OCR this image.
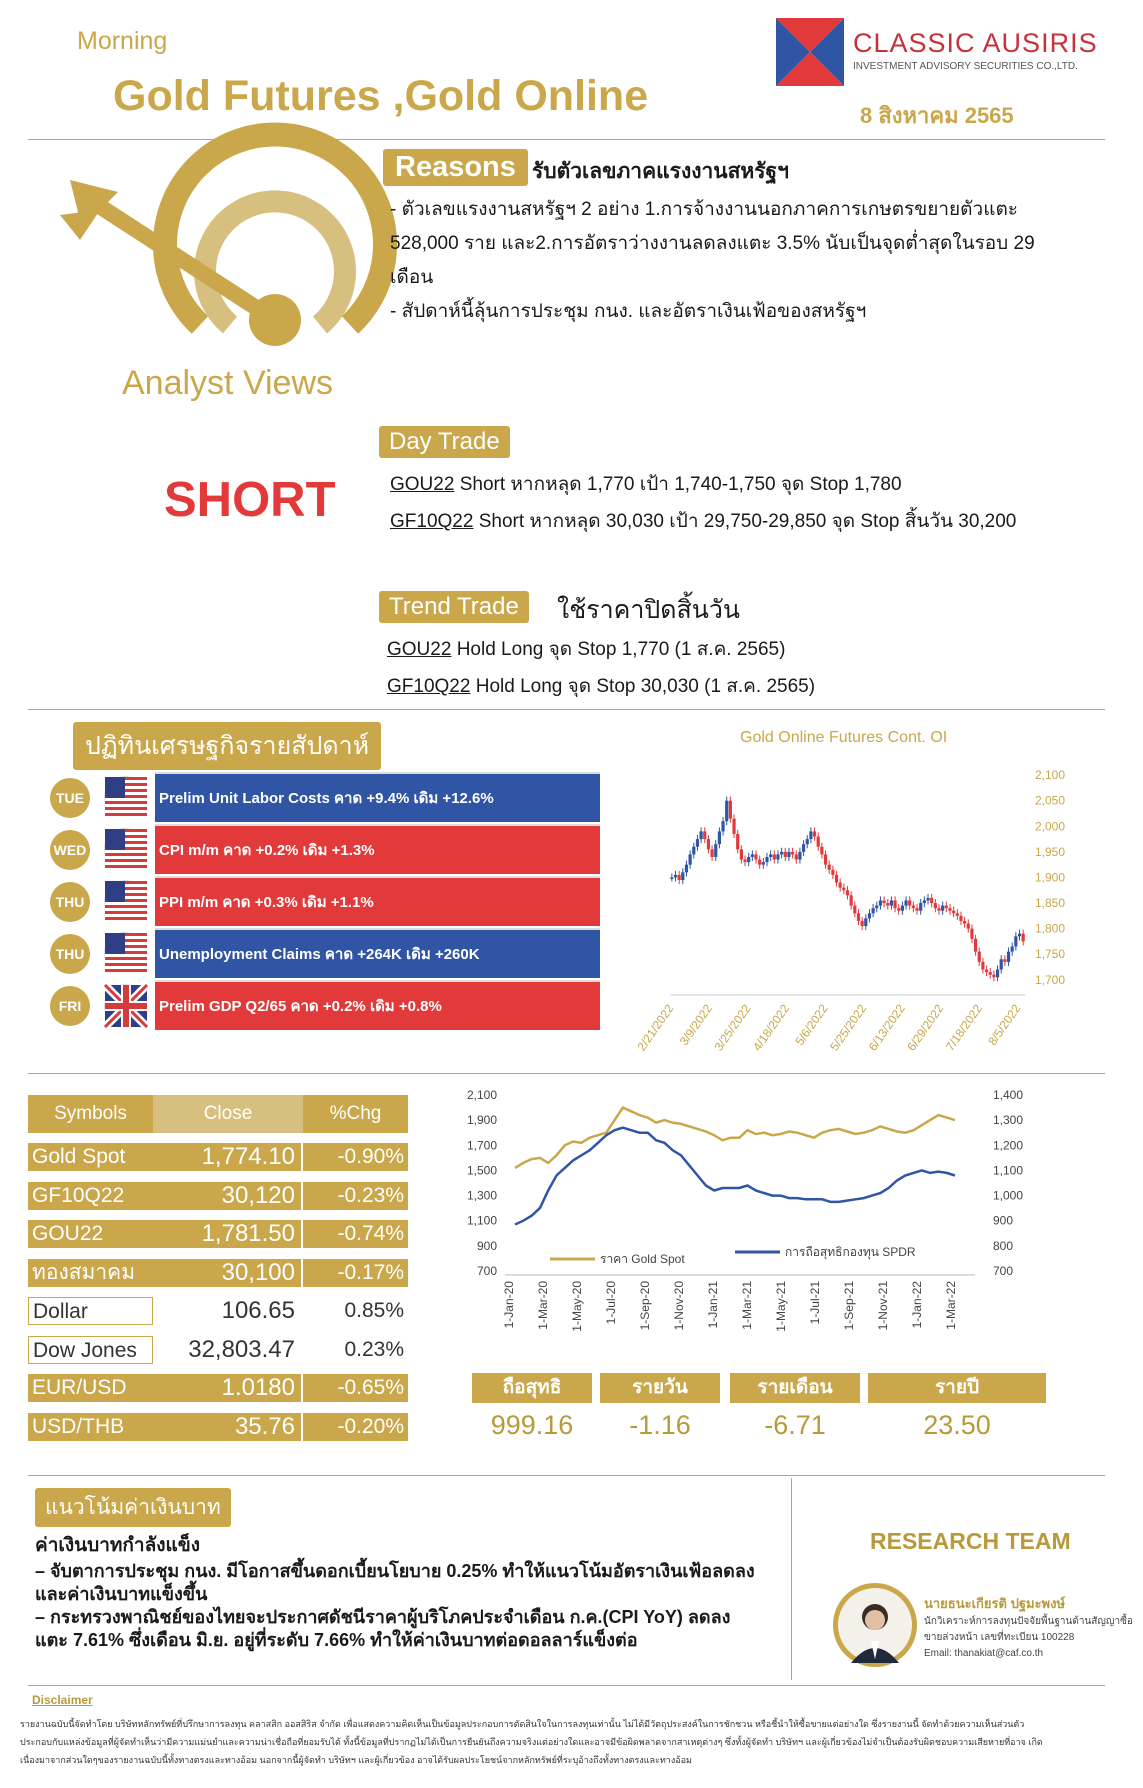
Morning
Gold Futures ,Gold Online
CLASSIC AUSIRIS
INVESTMENT ADVISORY SECURITIES CO.,LTD.
8 สิงหาคม 2565
Analyst Views
SHORT
Reasons รับตัวเลขภาคแรงงานสหรัฐฯ
- ตัวเลขแรงงานสหรัฐฯ 2 อย่าง 1.การจ้างงานนอกภาคการเกษตรขยายตัวแตะ
528,000 ราย และ2.การอัตราว่างงานลดลงแตะ 3.5% นับเป็นจุดต่ำสุดในรอบ 29
เดือน
- สัปดาห์นี้ลุ้นการประชุม กนง. และอัตราเงินเฟ้อของสหรัฐฯ
Day Trade
GOU22 Short หากหลุด 1,770 เป้า 1,740-1,750 จุด Stop 1,780
GF10Q22 Short หากหลุด 30,030 เป้า 29,750-29,850 จุด Stop สิ้นวัน 30,200
Trend Trade	ใช้ราคาปิดสิ้นวัน
GOU22 Hold Long จุด Stop 1,770 (1 ส.ค. 2565)
GF10Q22 Hold Long จุด Stop 30,030 (1 ส.ค. 2565)
ปฏิทินเศรษฐกิจรายสัปดาห์
TUE	Prelim Unit Labor Costs คาด +9.4% เดิม +12.6%
WED	CPI m/m คาด +0.2% เดิม +1.3%
THU	PPI m/m คาด +0.3% เดิม +1.1%
THU	Unemployment Claims คาด +264K เดิม +260K
FRI	Prelim GDP Q2/65 คาด +0.2% เดิม +0.8%
Gold Online Futures Cont. OI
1,700
1,750
1,800
1,850
1,900
1,950
2,000
2,050
2,100
2/21/2022 3/9/2022
3/25/2022
4/18/2022 5/6/2022
5/25/2022
6/13/2022
6/29/2022
7/18/2022 8/5/2022
Symbols	Close	%Chg
Gold Spot	1,774.10	-0.90%
GF10Q22	30,120	-0.23%
GOU22	1,781.50	-0.74%
ทองสมาคม	30,100	-0.17%
Dollar	106.65	0.85%
Dow Jones	32,803.47	0.23%
EUR/USD	1.0180	-0.65%
USD/THB	35.76	-0.20%
700
900
1,100
1,300
1,500
1,700
1,900
2,100
700
800
900
1,000
1,100
1,200
1,300
1,400
ราคา Gold Spot	การถือสุทธิกองทุน SPDR
1-Jan-20 1-Mar-20 1-May-20 1-Jul-20 1-Sep-20 1-Nov-20 1-Jan-21 1-Mar-21 1-May-21 1-Jul-21 1-Sep-21 1-Nov-21 1-Jan-22 1-Mar-22
ถือสุทธิ	รายวัน	รายเดือน	รายปี
999.16	-1.16	-6.71	23.50
แนวโน้มค่าเงินบาท
ค่าเงินบาทกำลังแข็ง
– จับตาการประชุม กนง. มีโอกาสขึ้นดอกเบี้ยนโยบาย 0.25% ทำให้แนวโน้มอัตราเงินเฟ้อลดลง
และค่าเงินบาทแข็งขึ้น
– กระทรวงพาณิชย์ของไทยจะประกาศดัชนีราคาผู้บริโภคประจำเดือน ก.ค.(CPI YoY) ลดลง
แตะ 7.61% ซึ่งเดือน มิ.ย. อยู่ที่ระดับ 7.66% ทำให้ค่าเงินบาทต่อดอลลาร์แข็งต่อ
RESEARCH TEAM
นายธนะเกียรติ ปฐมะพงษ์
นักวิเคราะห์การลงทุนปัจจัยพื้นฐานด้านสัญญาซื้อ
ขายล่วงหน้า เลขที่ทะเบียน 100228
Email: thanakiat@caf.co.th
Disclaimer
รายงานฉบับนี้จัดทำโดย บริษัทหลักทรัพย์ที่ปรึกษาการลงทุน คลาสสิก ออสสิริส จำกัด เพื่อแสดงความคิดเห็นเป็นข้อมูลประกอบการตัดสินใจในการลงทุนเท่านั้น ไม่ได้มีวัตถุประสงค์ในการชักชวน หรือชี้นำให้ซื้อขายแต่อย่างใด ซึ่งรายงานนี้ จัดทำด้วยความเห็นส่วนตัว
ประกอบกับแหล่งข้อมูลที่ผู้จัดทำเห็นว่ามีความแม่นยำและความน่าเชื่อถือที่ยอมรับได้ ทั้งนี้ข้อมูลที่ปรากฏไม่ได้เป็นการยืนยันถึงความจริงแต่อย่างใดและอาจมีข้อผิดพลาดจากสาเหตุต่างๆ ซึ่งทั้งผู้จัดทำ บริษัทฯ และผู้เกี่ยวข้องไม่จำเป็นต้องรับผิดชอบความเสียหายที่อาจ เกิด
เนื่องมาจากส่วนใดๆของรายงานฉบับนี้ทั้งทางตรงและทางอ้อม นอกจากนี้ผู้จัดทำ บริษัทฯ และผู้เกี่ยวข้อง อาจได้รับผลประโยชน์จากหลักทรัพย์ที่ระบุอ้างถึงทั้งทางตรงและทางอ้อม
